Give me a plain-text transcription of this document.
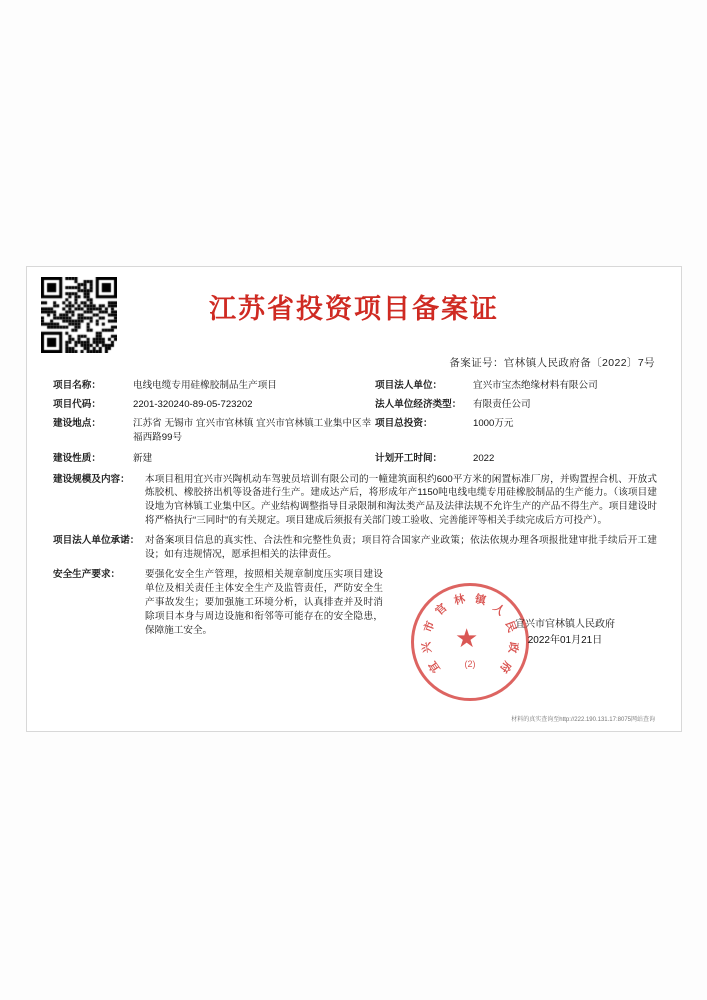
江苏省投资项目备案证
备案证号：官林镇人民政府备〔2022〕7号
项目名称：	电线电缆专用硅橡胶制品生产项目	项目法人单位：	宜兴市宝杰绝缘材料有限公司
项目代码：	2201-320240-89-05-723202	法人单位经济类型：	有限责任公司
建设地点：	江苏省 无锡市 宜兴市官林镇 宜兴市官林镇工业集中区幸福西路99号
项目总投资：	1000万元
建设性质：	新建	计划开工时间：	2022
建设规模及内容：	本项目租用宜兴市兴陶机动车驾驶员培训有限公司的一幢建筑面积约600平方米的闲置标准厂房，并购置捏合机、开放式炼胶机、橡胶挤出机等设备进行生产。建成达产后，将形成年产1150吨电线电缆专用硅橡胶制品的生产能力。（该项目建设地为官林镇工业集中区。产业结构调整指导目录限制和淘汰类产品及法律法规不允许生产的产品不得生产。项目建设时将严格执行“三同时”的有关规定。项目建成后须报有关部门竣工验收、完善能评等相关手续完成后方可投产）。
项目法人单位承诺： 对备案项目信息的真实性、合法性和完整性负责；项目符合国家产业政策；依法依规办理各项报批建审批手续后开工建设；如有违规情况，愿承担相关的法律责任。
安全生产要求：	要强化安全生产管理，按照相关规章制度压实项目建设单位及相关责任主体安全生产及监管责任，严防安全生产事故发生；要加强施工环境分析，认真排查并及时消除项目本身与周边设施和衔邻等可能存在的安全隐患，保障施工安全。
宜
兴
市
官
林 镇
人
民
政
府
★
(2)
宜兴市官林镇人民政府
2022年01月21日
材料的真实查询至http://222.190.131.17:8075网站查询
